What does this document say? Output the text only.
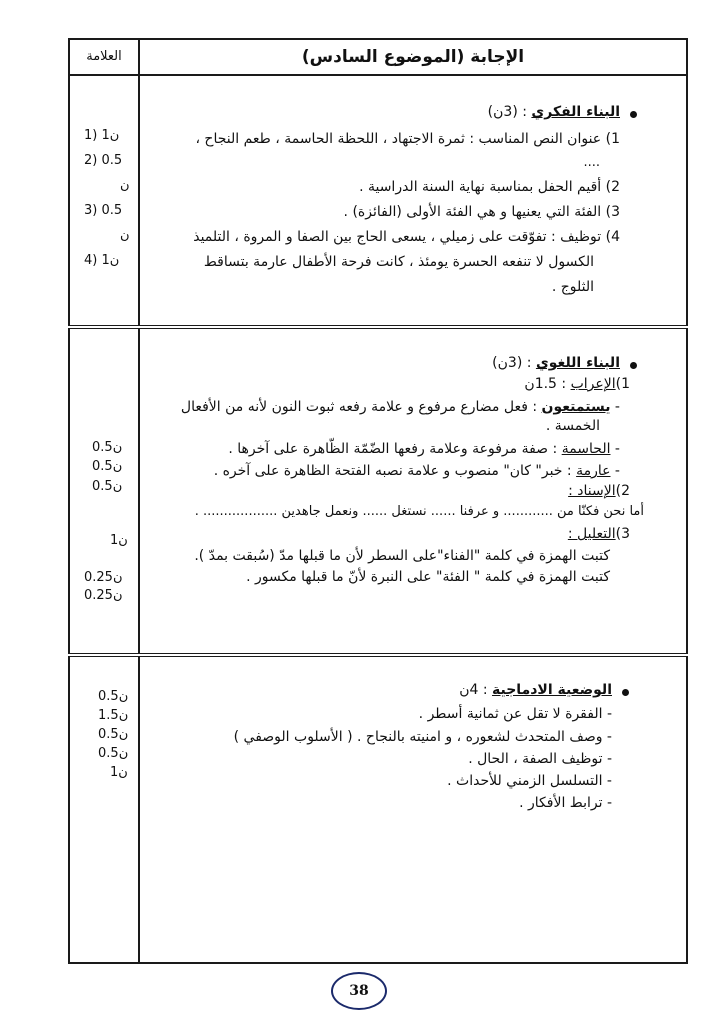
الإجابة (الموضوع السادس)
العلامة
البناء الفكري : (3ن)
1) عنوان النص المناسب : ثمرة الاجتهاد ، اللحظة الحاسمة ، طعم النجاح ،
....
2) أقيم الحفل بمناسبة نهاية السنة الدراسية .
3) الفئة التي يعنيها و هي الفئة الأولى (الفائزة) .
4) توظيف : تفوّقت على زميلي ، يسعى الحاج بين الصفا و المروة ، التلميذ
الكسول لا تنفعه الحسرة يومئذ ، كانت فرحة الأطفال عارمة بتساقط
الثلوج .
1) 1ن
2) 0.5
ن
3) 0.5
ن
4) 1ن
البناء اللغوي : (3ن)
1)الإعراب : 1.5ن
- يستمتعون : فعل مضارع مرفوع و علامة رفعه ثبوت النون لأنه من الأفعال
الخمسة .
- الحاسمة : صفة مرفوعة وعلامة رفعها الضّمّة الظّاهرة على آخرها .
- عارمة : خبر" كان" منصوب و علامة نصبه الفتحة الظاهرة على آخره .
2)الإسناد :
أما نحن فكنّا من ............ و عرفنا ...... نستغل ...... ونعمل جاهدين .................. .
3)التعليل :
كتبت الهمزة في كلمة "الفناء"على السطر لأن ما قبلها مدّ (سُبقت بمدّ ).
كتبت الهمزة في كلمة " الفئة" على النبرة لأنّ ما قبلها مكسور .
0.5ن
0.5ن
0.5ن
1ن
0.25ن
0.25ن
الوضعية الادماجية : 4ن
- الفقرة لا تقل عن ثمانية أسطر .
- وصف المتحدث لشعوره ، و امنيته بالنجاح . ( الأسلوب الوصفي )
- توظيف الصفة ، الحال .
- التسلسل الزمني للأحداث .
- ترابط الأفكار .
0.5ن
1.5ن
0.5ن
0.5ن
1ن
38
